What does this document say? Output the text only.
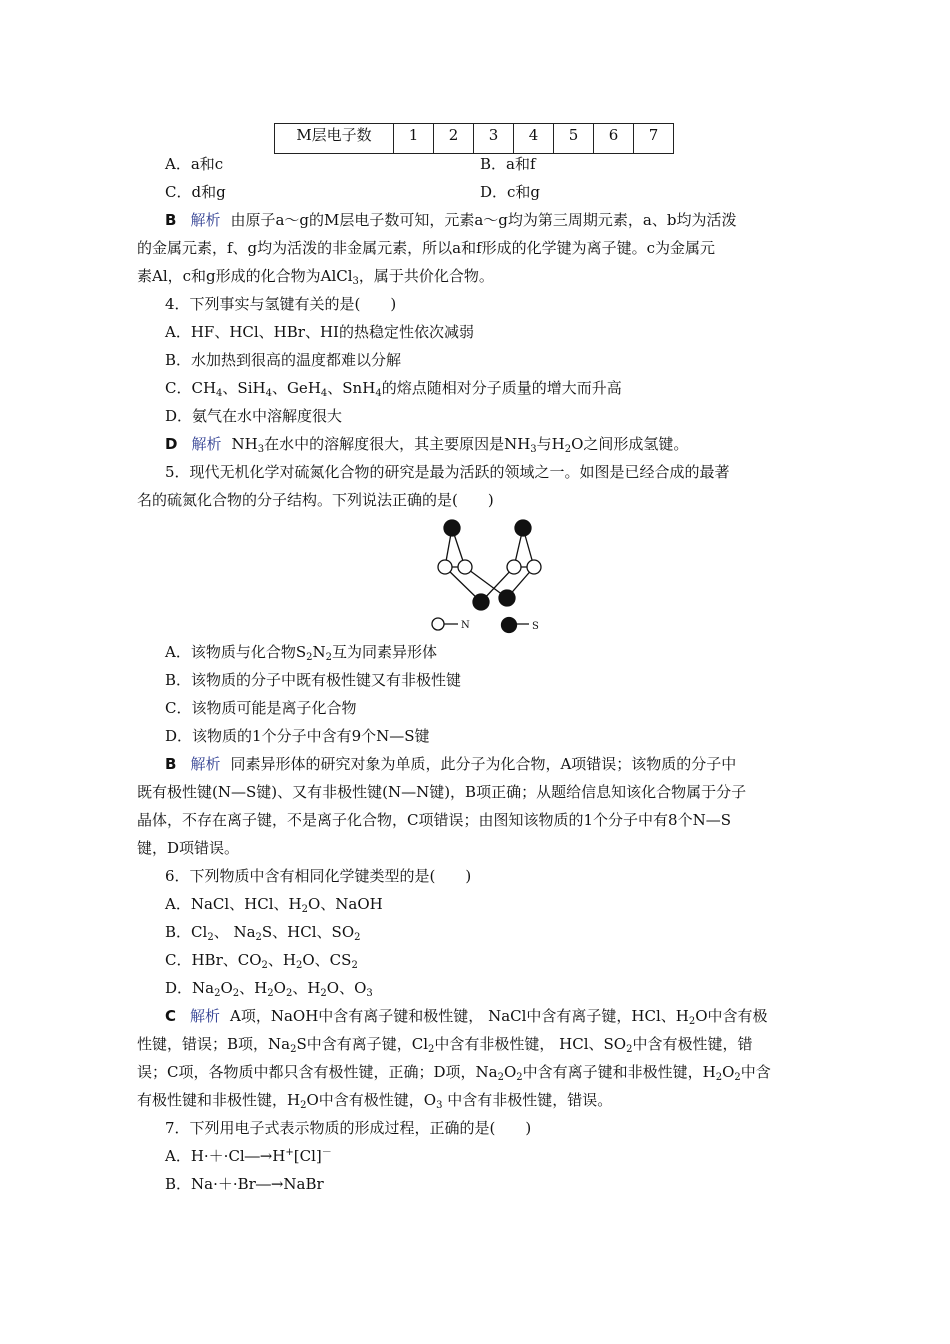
M层电子数	1	2	3	4	5	6	7
A．a和c	B．a和f
C．d和g	D．c和g
B 解析 由原子a～g的M层电子数可知，元素a～g均为第三周期元素，a、b均为活泼
的金属元素，f、g均为活泼的非金属元素，所以a和f形成的化学键为离子键。c为金属元
素Al，c和g形成的化合物为AlCl$_3$，属于共价化合物。
4．下列事实与氢键有关的是(　　)
A．HF、HCl、HBr、HI的热稳定性依次减弱
B．水加热到很高的温度都难以分解
C．$CH_4$、SiH$_4$、GeH$_4$、SnH$_4$的熔点随相对分子质量的增大而升高
D．氨气在水中溶解度很大
D 解析 $NH_3$在水中的溶解度很大，其主要原因是$NH_3$与$H_2O$之间形成氢键。
5．现代无机化学对硫氮化合物的研究是最为活跃的领域之一。如图是已经合成的最著
名的硫氮化合物的分子结构。下列说法正确的是(　　)
N	S
A．该物质与化合物$S_2N_2$互为同素异形体
B．该物质的分子中既有极性键又有非极性键
C．该物质可能是离子化合物
D．该物质的1个分子中含有9个N—S键
B 解析 同素异形体的研究对象为单质，此分子为化合物，A项错误；该物质的分子中
既有极性键(N—S键)、又有非极性键(N—N键)，B项正确；从题给信息知该化合物属于分子
晶体，不存在离子键，不是离子化合物，C项错误；由图知该物质的1个分子中有8个N—S
键，D项错误。
6．下列物质中含有相同化学键类型的是(　　)
A．NaCl、HCl、$H_2O$、NaOH
B．$Cl_2$、 $Na_2S$、HCl、$SO_2$
C．HBr、$CO_2$、$H_2O$、$CS_2$
D．$Na_2O_2$、$H_2O_2$、$H_2O$、$O_3$
C 解析 A项，NaOH中含有离子键和极性键， NaCl中含有离子键，HCl、$H_2O$中含有极
性键，错误；B项，$Na_2S$中含有离子键，$Cl_2$中含有非极性键， HCl、$SO_2$中含有极性键，错
误；C项，各物质中都只含有极性键，正确；D项，$Na_2O_2$中含有离子键和非极性键，$H_2O_2$中含
有极性键和非极性键，$H_2O$中含有极性键，$O_3$ 中含有非极性键，错误。
7．下列用电子式表示物质的形成过程，正确的是(　　)
A．H·＋·Cl―→H+[Cl]－
B．Na·＋·Br―→NaBr
